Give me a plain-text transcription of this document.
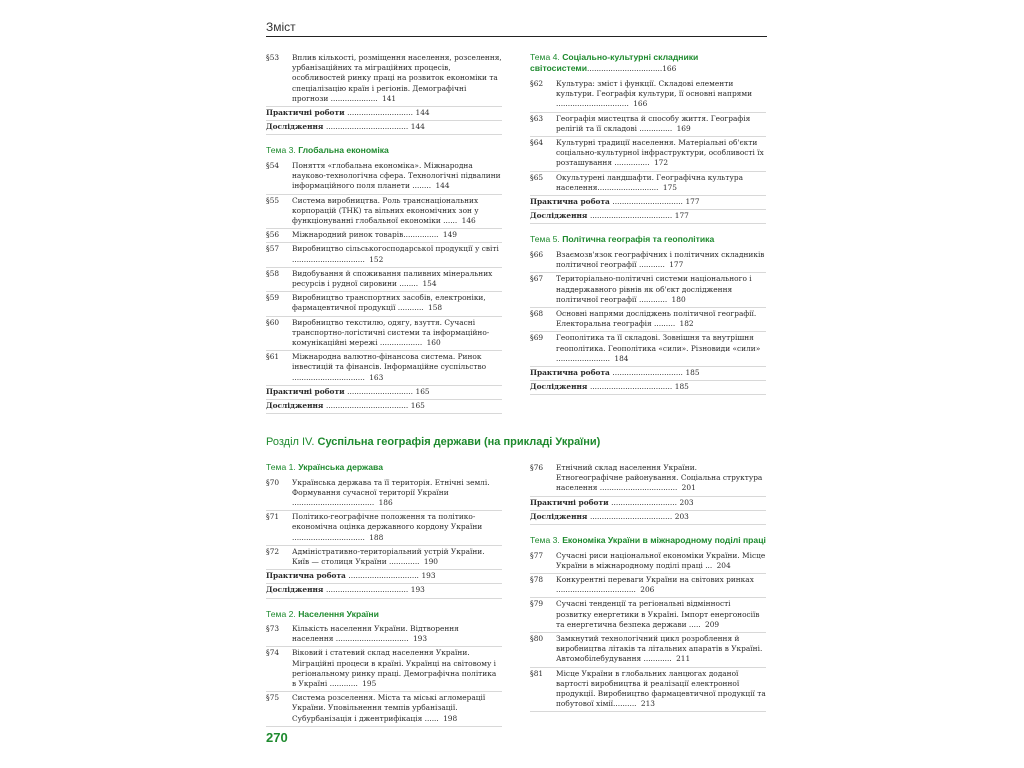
Зміст
§53	Вплив кількості, розміщення населення, розселення, урбанізаційних та міграційних процесів, особливостей ринку праці на розвиток економіки та спеціалізацію країн і регіонів. Демографічні прогнози .................... 141
Практичні роботи ............................ 144
Дослідження ................................... 144
Тема 3. Глобальна економіка
§54	Поняття «глобальна економіка». Міжнародна науково-технологічна сфера. Технологічні підвалини інформаційного поля планети ........ 144
§55	Система виробництва. Роль транснаціональних корпорацій (ТНК) та вільних економічних зон у функціонуванні глобальної економіки ...... 146
§56	Міжнародний ринок товарів............... 149
§57	Виробництво сільськогосподарської продукції у світі ............................... 152
§58	Видобування й споживання паливних мінеральних ресурсів і рудної сировини ........ 154
§59	Виробництво транспортних засобів, електроніки, фармацевтичної продукції ........... 158
§60	Виробництво текстилю, одягу, взуття. Сучасні транспортно-логістичні системи та інформаційно-комунікаційні мережі .................. 160
§61	Міжнародна валютно-фінансова система. Ринок інвестицій та фінансів. Інформаційне суспільство ............................... 163
Практичні роботи ............................ 165
Дослідження ................................... 165
Тема 4. Соціально-культурні складники світосистеми................................166
§62	Культура: зміст і функції. Складові елементи культури. Географія культури, її основні напрями ............................... 166
§63	Географія мистецтва й способу життя. Географія релігій та її складові .............. 169
§64	Культурні традиції населення. Матеріальні об'єкти соціально-культурної інфраструктури, особливості їх розташування ............... 172
§65	Окультурені ландшафти. Географічна культура населення.......................... 175
Практична робота .............................. 177
Дослідження ................................... 177
Тема 5. Політична географія та геополітика
§66	Взаємозв'язок географічних і політичних складників політичної географії ........... 177
§67	Територіально-політичні системи національного і наддержавного рівнів як об'єкт дослідження політичної географії ............ 180
§68	Основні напрями досліджень політичної географії. Електоральна географія ......... 182
§69	Геополітика та її складові. Зовнішня та внутрішня геополітика. Геополітика «сили». Різновиди «сили» ....................... 184
Практична робота .............................. 185
Дослідження ................................... 185
Розділ IV. Суспільна географія держави (на прикладі України)
Тема 1. Українська держава
§70	Українська держава та її територія. Етнічні землі. Формування сучасної території України ................................... 186
§71	Політико-географічне положення та політико-економічна оцінка державного кордону України ............................... 188
§72	Адміністративно-територіальний устрій України. Київ — столиця України ............. 190
Практична робота .............................. 193
Дослідження ................................... 193
Тема 2. Населення України
§73	Кількість населення України. Відтворення населення ............................... 193
§74	Віковий і статевий склад населення України. Міграційні процеси в країні. Українці на світовому і регіональному ринку праці. Демографічна політика в Україні ............ 195
§75	Система розселення. Міста та міські агломерації України. Уповільнення темпів урбанізації. Субурбанізація і джентрифікація ...... 198
§76	Етнічний склад населення України. Етногеографічне районування. Соціальна структура населення ................................. 201
Практичні роботи ............................ 203
Дослідження ................................... 203
Тема 3. Економіка України в міжнародному поділі праці
§77	Сучасні риси національної економіки України. Місце України в міжнародному поділі праці ... 204
§78	Конкурентні переваги України на світових ринках .................................. 206
§79	Сучасні тенденції та регіональні відмінності розвитку енергетики в Україні. Імпорт енергоносіїв та енергетична безпека держави ..... 209
§80	Замкнутий технологічний цикл розроблення й виробництва літаків та літальних апаратів в Україні. Автомобілебудування ............ 211
§81	Місце України в глобальних ланцюгах доданої вартості виробництва й реалізації електронної продукції. Виробництво фармацевтичної продукції та побутової хімії.......... 213
270
